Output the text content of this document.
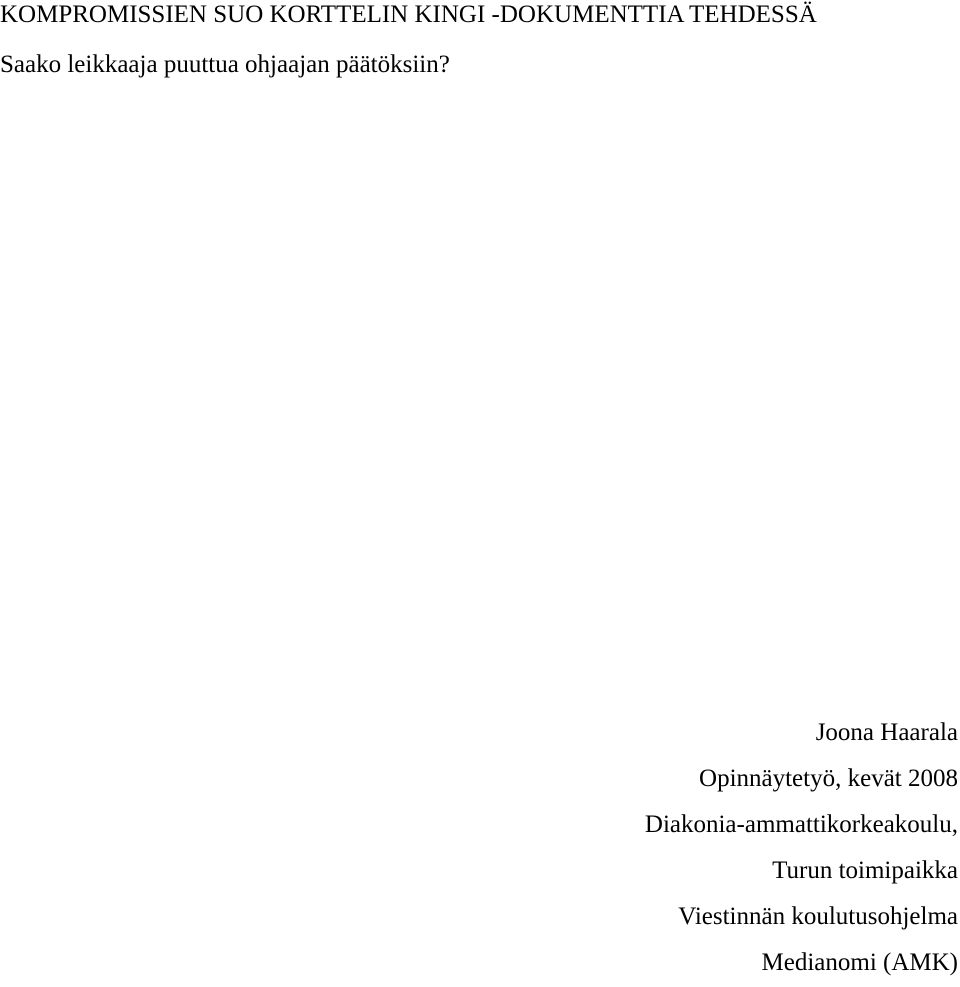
KOMPROMISSIEN SUO KORTTELIN KINGI -DOKUMENTTIA TEHDESSÄ
Saako leikkaaja puuttua ohjaajan päätöksiin?
Joona Haarala
Opinnäytetyö, kevät 2008
Diakonia-ammattikorkeakoulu,
Turun toimipaikka
Viestinnän koulutusohjelma
Medianomi (AMK)
